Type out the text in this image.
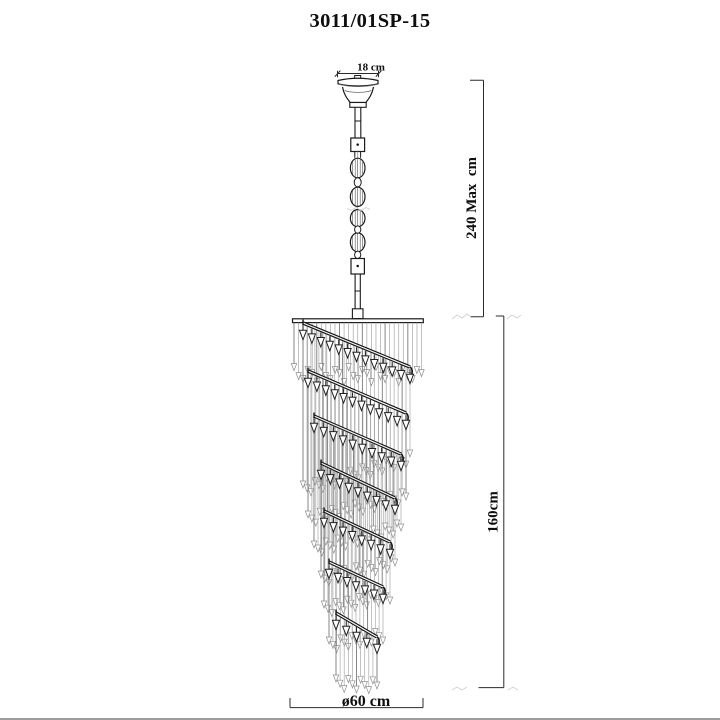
3011/01SP-15
18 cm
240 Max  cm
160cm
ø60 cm
